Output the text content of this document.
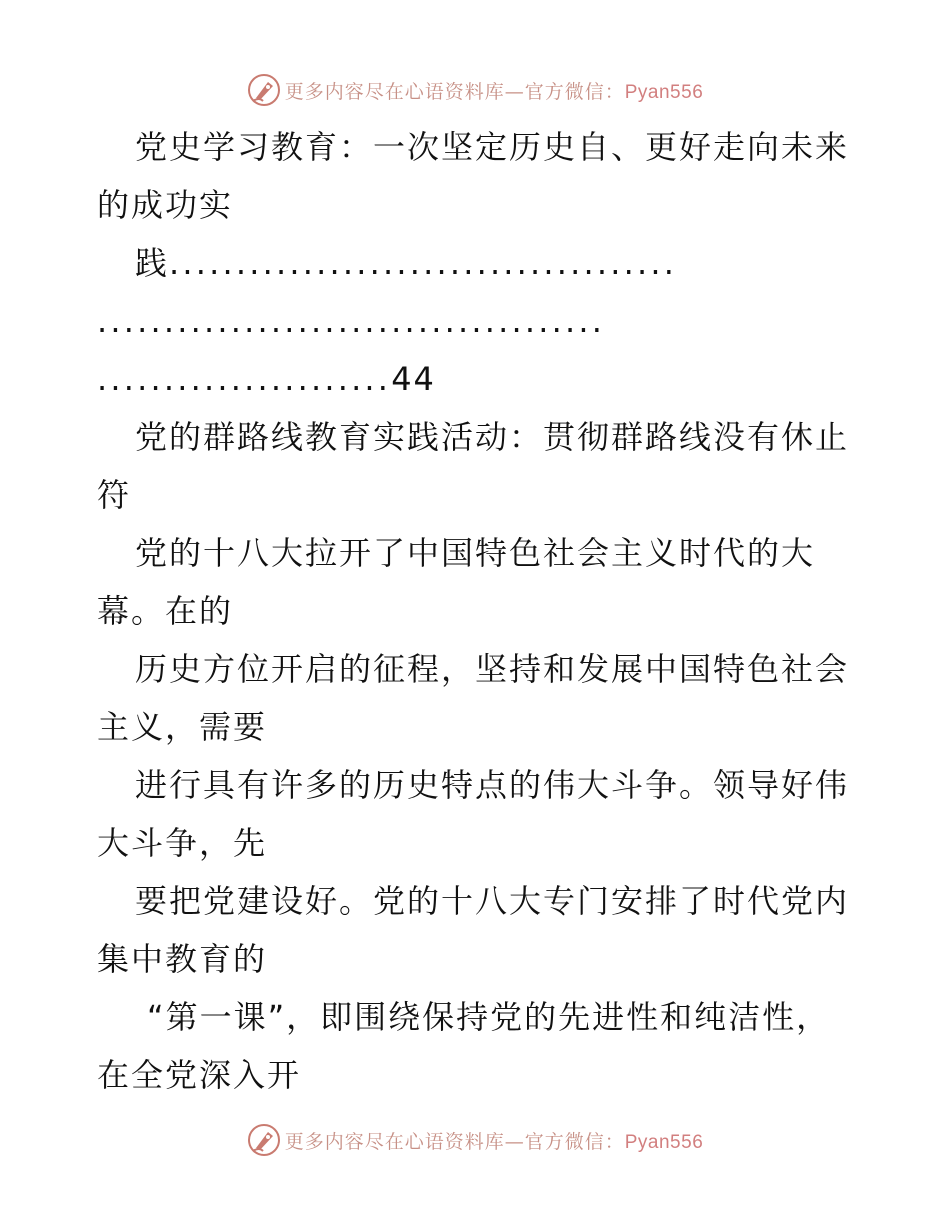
更多内容尽在心语资料库—官方微信：Pyan556
党史学习教育：一次坚定历史自、更好走向未来
的成功实
践......................................
......................................
......................44
党的群路线教育实践活动：贯彻群路线没有休止
符
党的十八大拉开了中国特色社会主义时代的大
幕。在的
历史方位开启的征程，坚持和发展中国特色社会
主义，需要
进行具有许多的历史特点的伟大斗争。领导好伟
大斗争，先
要把党建设好。党的十八大专门安排了时代党内
集中教育的
“第一课”，即围绕保持党的先进性和纯洁性，
在全党深入开
更多内容尽在心语资料库—官方微信：Pyan556
